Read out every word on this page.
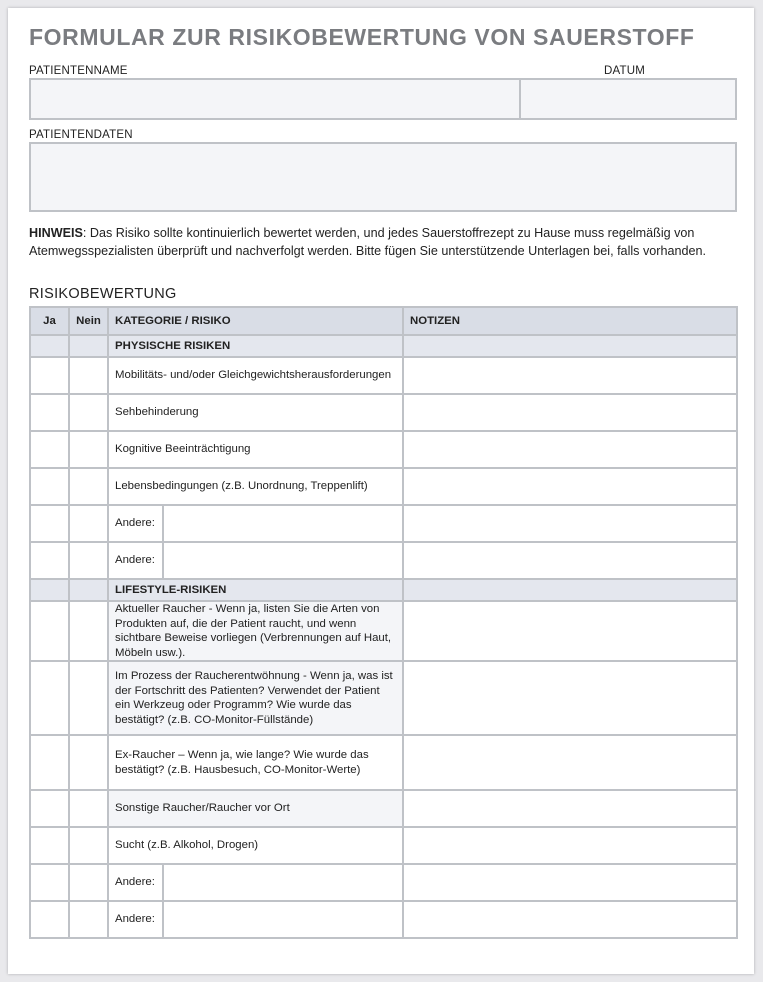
FORMULAR ZUR RISIKOBEWERTUNG VON SAUERSTOFF
PATIENTENNAME	DATUM
PATIENTENDATEN
HINWEIS: Das Risiko sollte kontinuierlich bewertet werden, und jedes Sauerstoffrezept zu Hause muss regelmäßig von Atemwegsspezialisten überprüft und nachverfolgt werden. Bitte fügen Sie unterstützende Unterlagen bei, falls vorhanden.
RISIKOBEWERTUNG
Ja	Nein	KATEGORIE / RISIKO		NOTIZEN
		PHYSISCHE RISIKEN		
		Mobilitäts- und/oder Gleichgewichtsherausforderungen		
		Sehbehinderung		
		Kognitive Beeinträchtigung		
		Lebensbedingungen (z.B. Unordnung, Treppenlift)		
		Andere:		
		Andere:		
		LIFESTYLE-RISIKEN		
		Aktueller Raucher - Wenn ja, listen Sie die Arten von Produkten auf, die der Patient raucht, und wenn sichtbare Beweise vorliegen (Verbrennungen auf Haut, Möbeln usw.).		
		Im Prozess der Raucherentwöhnung - Wenn ja, was ist der Fortschritt des Patienten? Verwendet der Patient ein Werkzeug oder Programm? Wie wurde das bestätigt? (z.B. CO-Monitor-Füllstände)		
		Ex-Raucher – Wenn ja, wie lange? Wie wurde das bestätigt? (z.B. Hausbesuch, CO-Monitor-Werte)		
		Sonstige Raucher/Raucher vor Ort		
		Sucht (z.B. Alkohol, Drogen)		
		Andere:		
		Andere:		
